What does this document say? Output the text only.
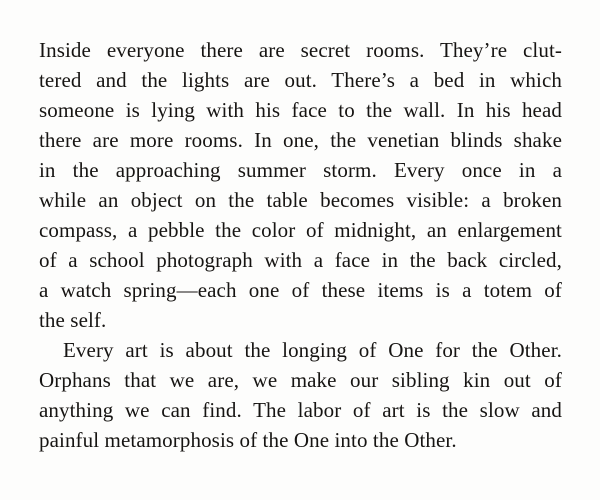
Inside everyone there are secret rooms. They’re clut-
tered and the lights are out. There’s a bed in which
someone is lying with his face to the wall. In his head
there are more rooms. In one, the venetian blinds shake
in the approaching summer storm. Every once in a
while an object on the table becomes visible: a broken
compass, a pebble the color of midnight, an enlargement
of a school photograph with a face in the back circled,
a watch spring—each one of these items is a totem of
the self.
Every art is about the longing of One for the Other.
Orphans that we are, we make our sibling kin out of
anything we can find. The labor of art is the slow and
painful metamorphosis of the One into the Other.
